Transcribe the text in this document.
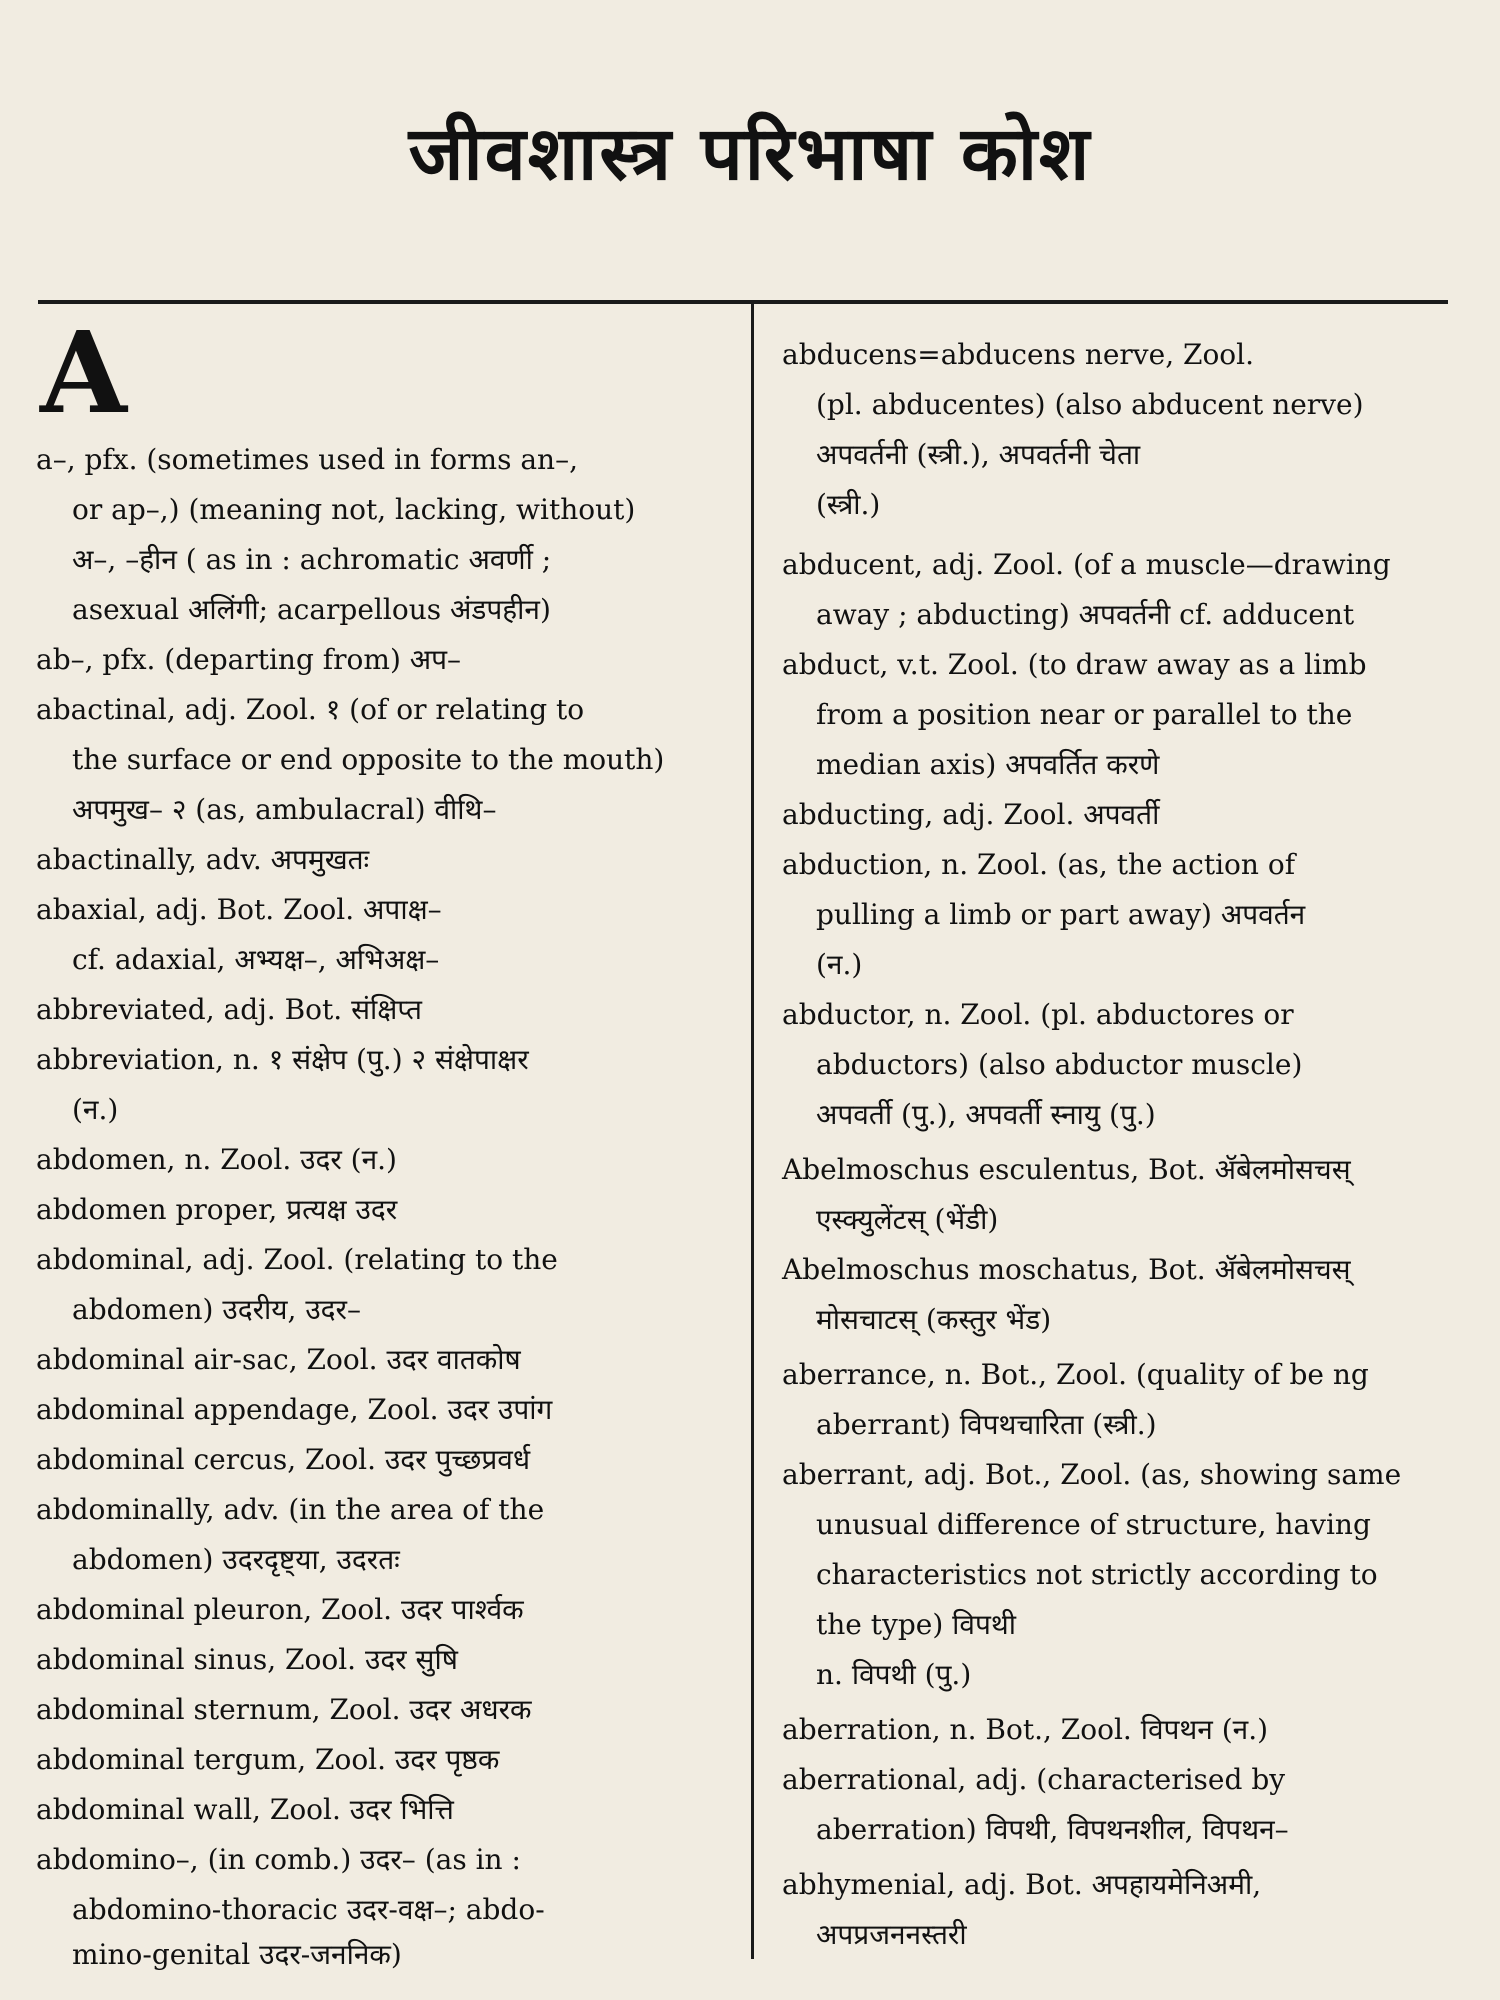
जीवशास्त्र परिभाषा कोश
A
a–, pfx. (sometimes used in forms an–,
or ap–,) (meaning not, lacking, without)
अ–, –हीन ( as in : achromatic अवर्णी ;
asexual अलिंगी; acarpellous अंडपहीन)
ab–, pfx. (departing from) अप–
abactinal, adj. Zool. १ (of or relating to
the surface or end opposite to the mouth)
अपमुख– २ (as, ambulacral) वीथि–
abactinally, adv. अपमुखतः
abaxial, adj. Bot. Zool. अपाक्ष–
cf. adaxial, अभ्यक्ष–, अभिअक्ष–
abbreviated, adj. Bot. संक्षिप्त
abbreviation, n. १ संक्षेप (पु.) २ संक्षेपाक्षर
(न.)
abdomen, n. Zool. उदर (न.)
abdomen proper, प्रत्यक्ष उदर
abdominal, adj. Zool. (relating to the
abdomen) उदरीय, उदर–
abdominal air-sac, Zool. उदर वातकोष
abdominal appendage, Zool. उदर उपांग
abdominal cercus, Zool. उदर पुच्छप्रवर्ध
abdominally, adv. (in the area of the
abdomen) उदरदृष्ट्या, उदरतः
abdominal pleuron, Zool. उदर पार्श्वक
abdominal sinus, Zool. उदर सुषि
abdominal sternum, Zool. उदर अधरक
abdominal tergum, Zool. उदर पृष्ठक
abdominal wall, Zool. उदर भित्ति
abdomino–, (in comb.) उदर– (as in :
abdomino-thoracic उदर-वक्ष–; abdo-
mino-genital उदर-जननिक)
abducens=abducens nerve, Zool.
(pl. abducentes) (also abducent nerve)
अपवर्तनी (स्त्री.), अपवर्तनी चेता
(स्त्री.)
abducent, adj. Zool. (of a muscle—drawing
away ; abducting) अपवर्तनी cf. adducent
abduct, v.t. Zool. (to draw away as a limb
from a position near or parallel to the
median axis) अपवर्तित करणे
abducting, adj. Zool. अपवर्ती
abduction, n. Zool. (as, the action of
pulling a limb or part away) अपवर्तन
(न.)
abductor, n. Zool. (pl. abductores or
abductors) (also abductor muscle)
अपवर्ती (पु.), अपवर्ती स्नायु (पु.)
Abelmoschus esculentus, Bot. ॲबेलमोसचस्
एस्क्युलेंटस् (भेंडी)
Abelmoschus moschatus, Bot. ॲबेलमोसचस्
मोसचाटस् (कस्तुर भेंड)
aberrance, n. Bot., Zool. (quality of be ng
aberrant) विपथचारिता (स्त्री.)
aberrant, adj. Bot., Zool. (as, showing same
unusual difference of structure, having
characteristics not strictly according to
the type) विपथी
n. विपथी (पु.)
aberration, n. Bot., Zool. विपथन (न.)
aberrational, adj. (characterised by
aberration) विपथी, विपथनशील, विपथन–
abhymenial, adj. Bot. अपहायमेनिअमी,
अपप्रजननस्तरी
